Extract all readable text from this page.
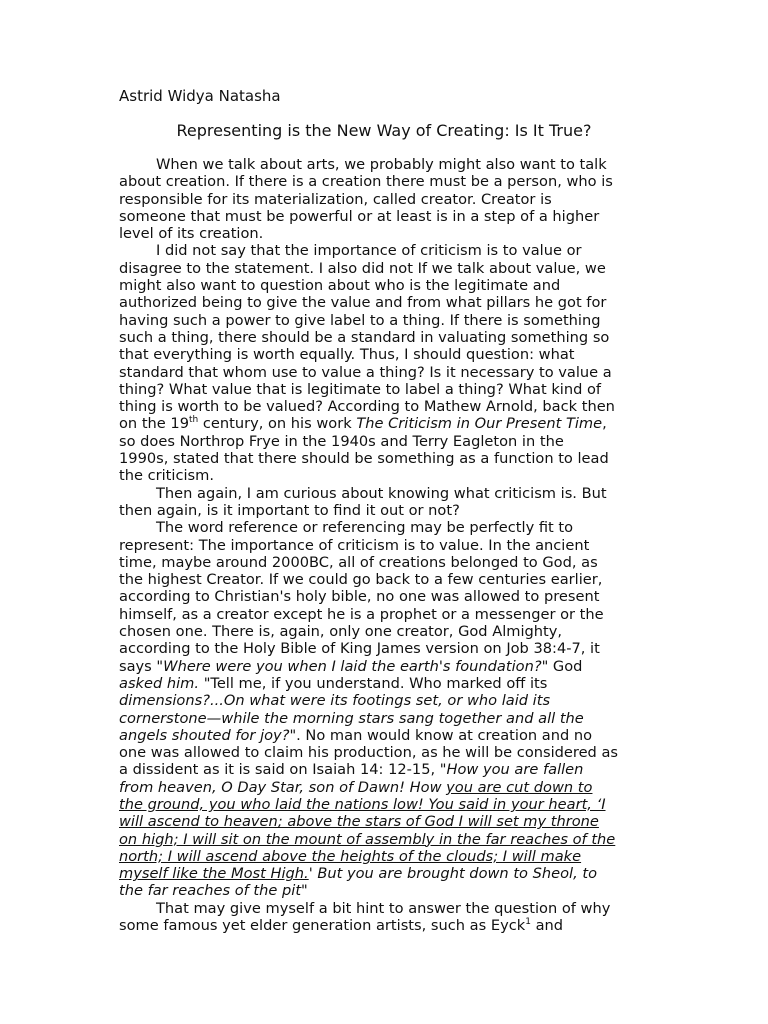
Astrid Widya Natasha

Representing is the New Way of Creating: Is It True?
When we talk about arts, we probably might also want to talk
about creation. If there is a creation there must be a person, who is
responsible for its materialization, called creator. Creator is
someone that must be powerful or at least is in a step of a higher
level of its creation.
I did not say that the importance of criticism is to value or
disagree to the statement. I also did not If we talk about value, we
might also want to question about who is the legitimate and
authorized being to give the value and from what pillars he got for
having such a power to give label to a thing. If there is something
such a thing, there should be a standard in valuating something so
that everything is worth equally. Thus, I should question: what
standard that whom use to value a thing? Is it necessary to value a
thing? What value that is legitimate to label a thing? What kind of
thing is worth to be valued? According to Mathew Arnold, back then
on the 19th century, on his work The Criticism in Our Present Time,
so does Northrop Frye in the 1940s and Terry Eagleton in the
1990s, stated that there should be something as a function to lead
the criticism.
Then again, I am curious about knowing what criticism is. But
then again, is it important to find it out or not?
The word reference or referencing may be perfectly fit to
represent: The importance of criticism is to value. In the ancient
time, maybe around 2000BC, all of creations belonged to God, as
the highest Creator. If we could go back to a few centuries earlier,
according to Christian's holy bible, no one was allowed to present
himself, as a creator except he is a prophet or a messenger or the
chosen one. There is, again, only one creator, God Almighty,
according to the Holy Bible of King James version on Job 38:4-7, it
says "Where were you when I laid the earth's foundation?" God
asked him. "Tell me, if you understand. Who marked off its
dimensions?...On what were its footings set, or who laid its
cornerstone—while the morning stars sang together and all the
angels shouted for joy?". No man would know at creation and no
one was allowed to claim his production, as he will be considered as
a dissident as it is said on Isaiah 14: 12-15, "How you are fallen
from heaven, O Day Star, son of Dawn! How you are cut down to
the ground, you who laid the nations low! You said in your heart, ‘I
will ascend to heaven; above the stars of God I will set my throne
on high; I will sit on the mount of assembly in the far reaches of the
north; I will ascend above the heights of the clouds; I will make
myself like the Most High.' But you are brought down to Sheol, to
the far reaches of the pit"
That may give myself a bit hint to answer the question of why
some famous yet elder generation artists, such as Eyck$^1$ and
